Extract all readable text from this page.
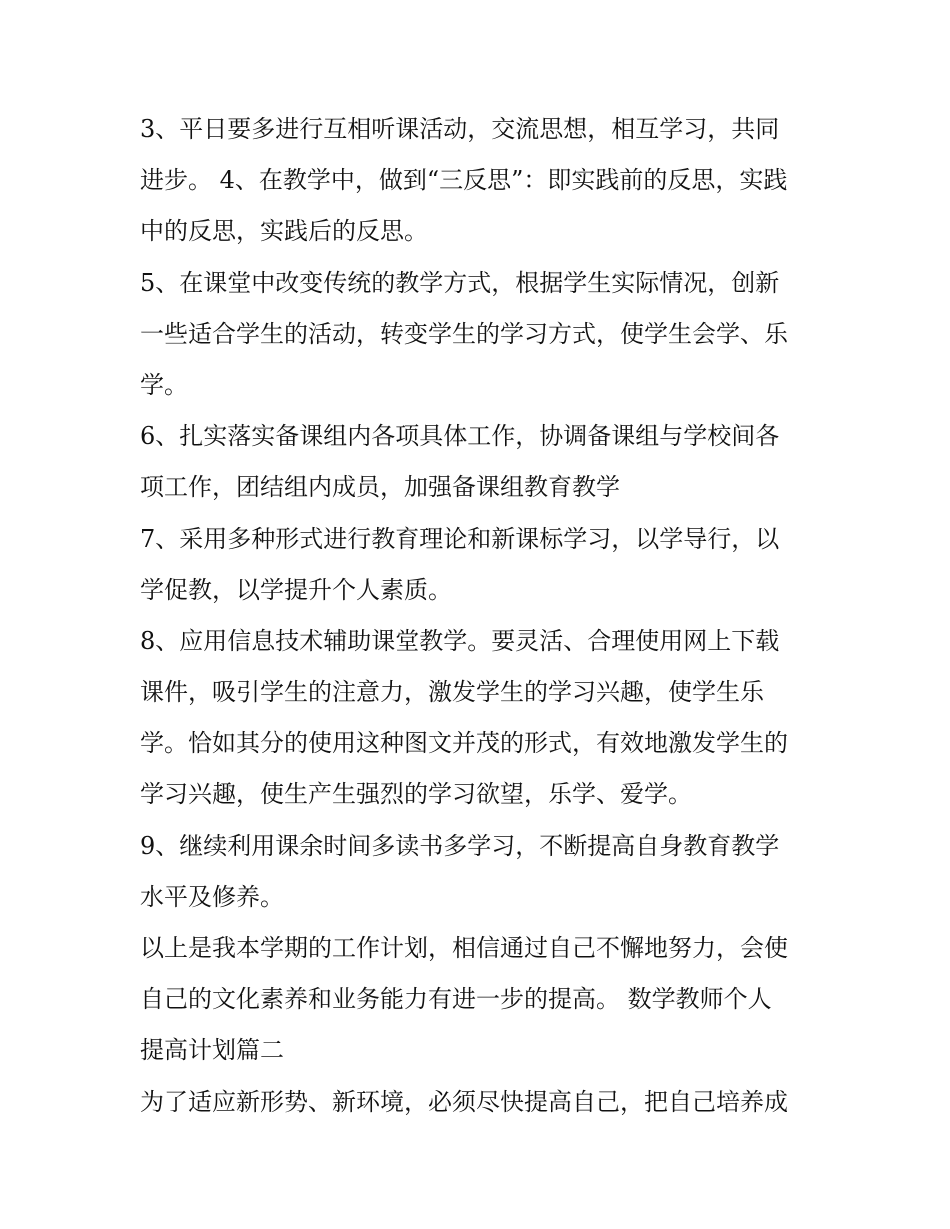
3、平日要多进行互相听课活动，交流思想，相互学习，共同
进步。 4、在教学中，做到“三反思”：即实践前的反思，实践
中的反思，实践后的反思。
5、在课堂中改变传统的教学方式，根据学生实际情况，创新
一些适合学生的活动，转变学生的学习方式，使学生会学、乐
学。
6、扎实落实备课组内各项具体工作，协调备课组与学校间各
项工作，团结组内成员，加强备课组教育教学
7、采用多种形式进行教育理论和新课标学习，以学导行，以
学促教，以学提升个人素质。
8、应用信息技术辅助课堂教学。要灵活、合理使用网上下载
课件，吸引学生的注意力，激发学生的学习兴趣，使学生乐
学。恰如其分的使用这种图文并茂的形式，有效地激发学生的
学习兴趣，使生产生强烈的学习欲望，乐学、爱学。
9、继续利用课余时间多读书多学习，不断提高自身教育教学
水平及修养。
以上是我本学期的工作计划，相信通过自己不懈地努力，会使
自己的文化素养和业务能力有进一步的提高。 数学教师个人
提高计划篇二
为了适应新形势、新环境，必须尽快提高自己，把自己培养成
